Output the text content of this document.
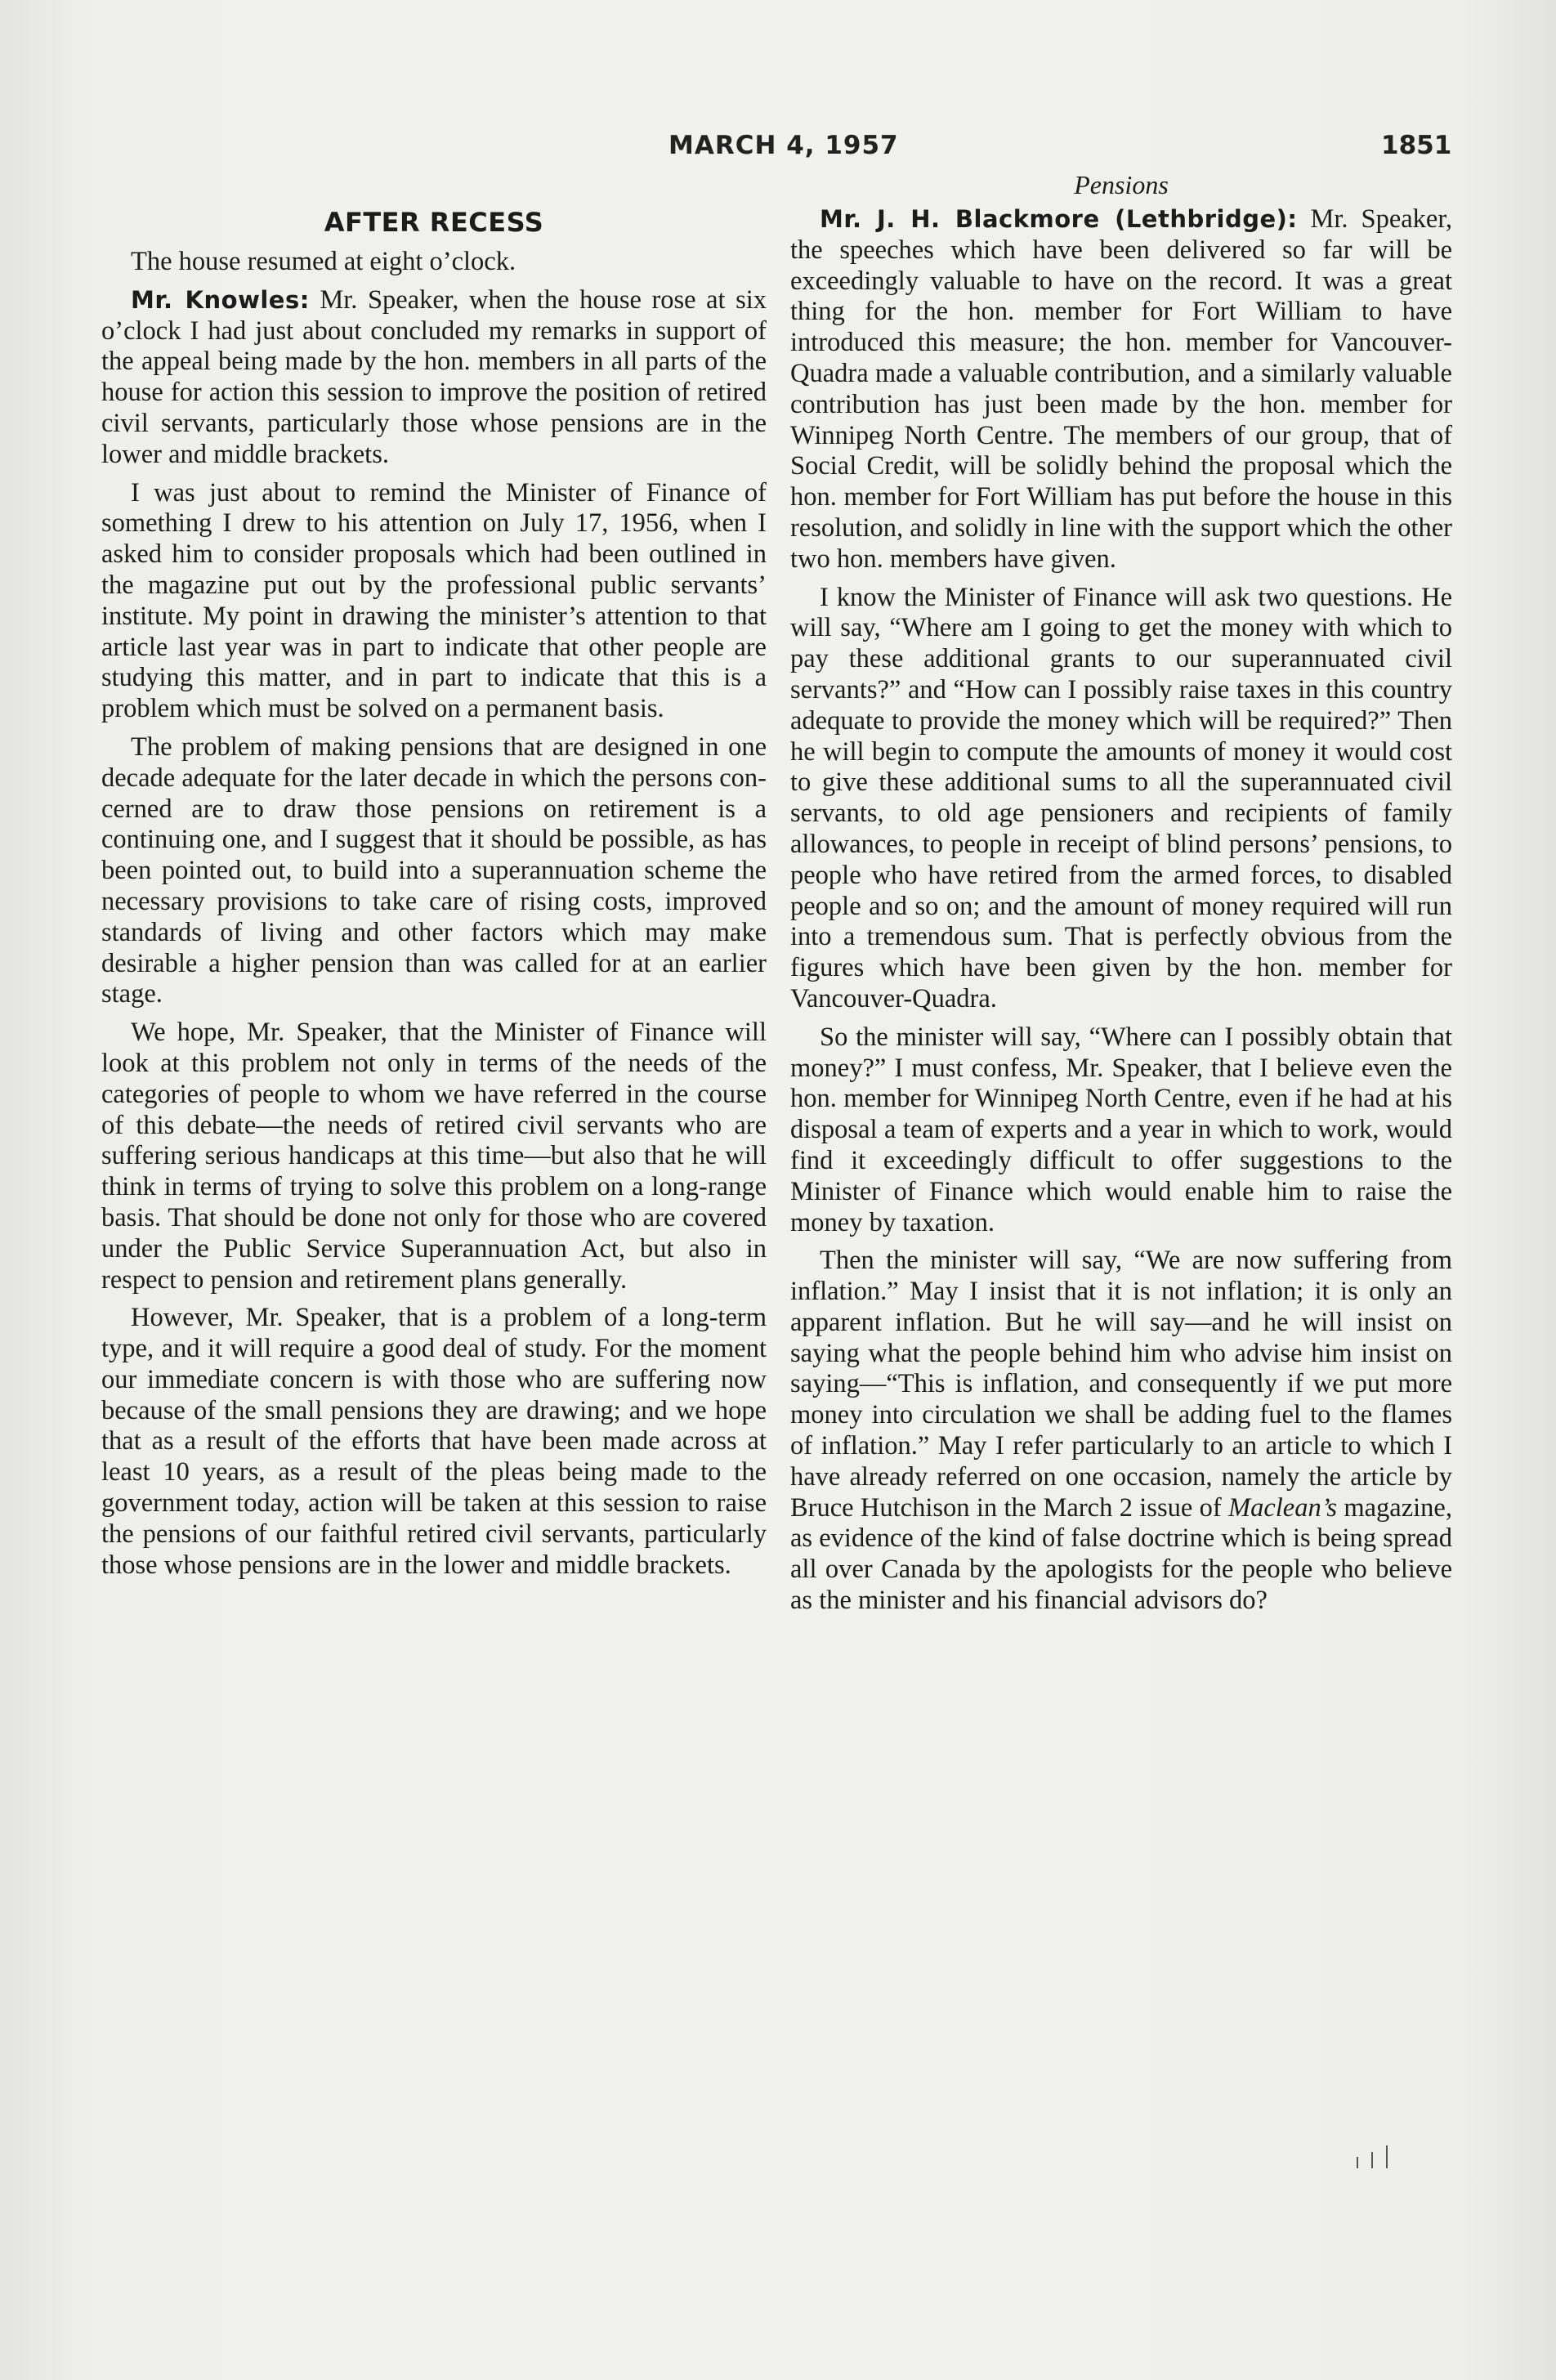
MARCH 4, 1957	1851
AFTER RECESS

The house resumed at eight o’clock.

Mr. Knowles: Mr. Speaker, when the house rose at six o’clock I had just about concluded my remarks in support of the appeal being made by the hon. members in all parts of the house for action this session to improve the position of retired civil servants, particularly those whose pensions are in the lower and middle brackets.

I was just about to remind the Minister of Finance of something I drew to his attention on July 17, 1956, when I asked him to consider proposals which had been outlined in the magazine put out by the professional public servants’ institute. My point in drawing the minister’s attention to that article last year was in part to indicate that other people are studying this matter, and in part to indicate that this is a problem which must be solved on a permanent basis.

The problem of making pensions that are designed in one decade adequate for the later decade in which the persons concerned are to draw those pensions on retirement is a continuing one, and I suggest that it should be possible, as has been pointed out, to build into a superannuation scheme the necessary provisions to take care of rising costs, improved standards of living and other factors which may make desirable a higher pension than was called for at an earlier stage.

We hope, Mr. Speaker, that the Minister of Finance will look at this problem not only in terms of the needs of the categories of people to whom we have referred in the course of this debate—the needs of retired civil servants who are suffering serious handicaps at this time—but also that he will think in terms of trying to solve this problem on a long-range basis. That should be done not only for those who are covered under the Public Service Superannuation Act, but also in respect to pension and retirement plans generally.

However, Mr. Speaker, that is a problem of a long-term type, and it will require a good deal of study. For the moment our immediate concern is with those who are suffering now because of the small pensions they are drawing; and we hope that as a result of the efforts that have been made across at least 10 years, as a result of the pleas being made to the government today, action will be taken at this session to raise the pensions of our faithful retired civil servants, particularly those whose pensions are in the lower and middle brackets.

Pensions

Mr. J. H. Blackmore (Lethbridge): Mr. Speaker, the speeches which have been delivered so far will be exceedingly valuable to have on the record. It was a great thing for the hon. member for Fort William to have introduced this measure; the hon. member for Vancouver-Quadra made a valuable contribution, and a similarly valuable contribution has just been made by the hon. member for Winnipeg North Centre. The members of our group, that of Social Credit, will be solidly behind the proposal which the hon. member for Fort William has put before the house in this resolution, and solidly in line with the support which the other two hon. members have given.

I know the Minister of Finance will ask two questions. He will say, “Where am I going to get the money with which to pay these additional grants to our superannuated civil servants?” and “How can I possibly raise taxes in this country adequate to provide the money which will be required?” Then he will begin to compute the amounts of money it would cost to give these additional sums to all the superannuated civil servants, to old age pensioners and recipients of family allowances, to people in receipt of blind persons’ pensions, to people who have retired from the armed forces, to disabled people and so on; and the amount of money required will run into a tremendous sum. That is perfectly obvious from the figures which have been given by the hon. member for Vancouver-Quadra.

So the minister will say, “Where can I possibly obtain that money?” I must confess, Mr. Speaker, that I believe even the hon. member for Winnipeg North Centre, even if he had at his disposal a team of experts and a year in which to work, would find it exceedingly difficult to offer suggestions to the Minister of Finance which would enable him to raise the money by taxation.

Then the minister will say, “We are now suffering from inflation.” May I insist that it is not inflation; it is only an apparent inflation. But he will say—and he will insist on saying what the people behind him who advise him insist on saying—“This is inflation, and consequently if we put more money into circulation we shall be adding fuel to the flames of inflation.” May I refer particularly to an article to which I have already referred on one occasion, namely the article by Bruce Hutchison in the March 2 issue of Maclean’s magazine, as evidence of the kind of false doctrine which is being spread all over Canada by the apologists for the people who believe as the minister and his financial advisors do?
